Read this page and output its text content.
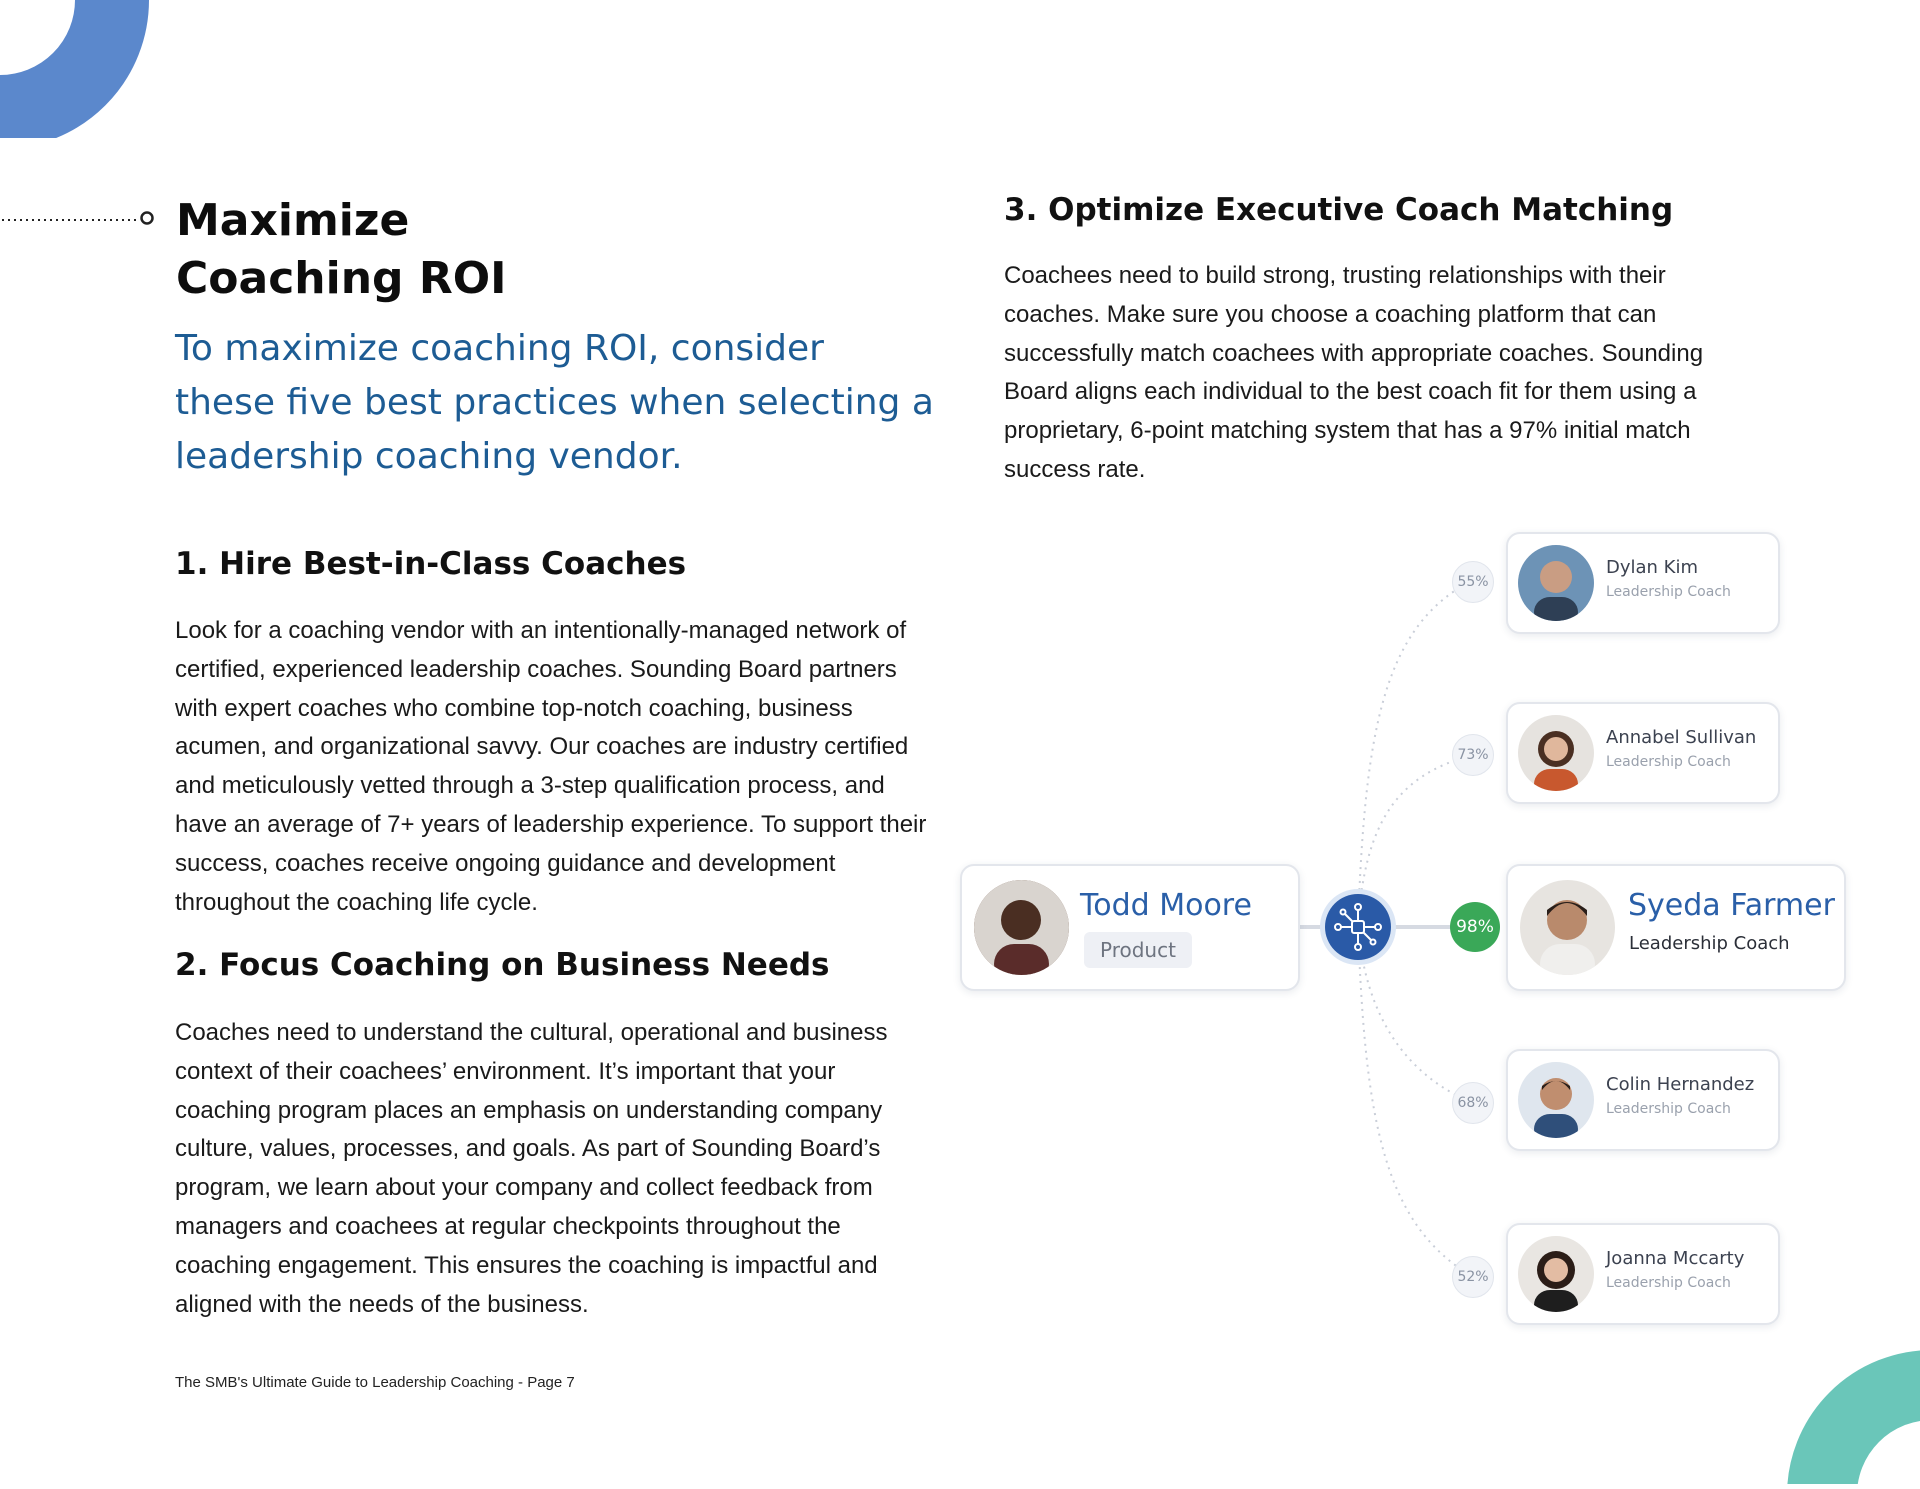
Maximize
Coaching ROI

To maximize coaching ROI, consider these five best practices when selecting a leadership coaching vendor.

1. Hire Best-in-Class Coaches

Look for a coaching vendor with an intentionally-managed network of certified, experienced leadership coaches. Sounding Board partners with expert coaches who combine top-notch coaching, business acumen, and organizational savvy. Our coaches are industry certified and meticulously vetted through a 3-step qualification process, and have an average of 7+ years of leadership experience. To support their success, coaches receive ongoing guidance and development throughout the coaching life cycle.

2. Focus Coaching on Business Needs

Coaches need to understand the cultural, operational and business context of their coachees’ environment. It’s important that your coaching program places an emphasis on understanding company culture, values, processes, and goals. As part of Sounding Board’s program, we learn about your company and collect feedback from managers and coachees at regular checkpoints throughout the coaching engagement. This ensures the coaching is impactful and aligned with the needs of the business.

3. Optimize Executive Coach Matching

Coachees need to build strong, trusting relationships with their coaches. Make sure you choose a coaching platform that can successfully match coachees with appropriate coaches. Sounding Board aligns each individual to the best coach fit for them using a proprietary, 6-point matching system that has a 97% initial match success rate.

Todd Moore
Product
98%
Syeda Farmer
Leadership Coach
55%
Dylan Kim
Leadership Coach
73%
Annabel Sullivan
Leadership Coach
68%
Colin Hernandez
Leadership Coach
52%
Joanna Mccarty
Leadership Coach
The SMB's Ultimate Guide to Leadership Coaching - Page 7
